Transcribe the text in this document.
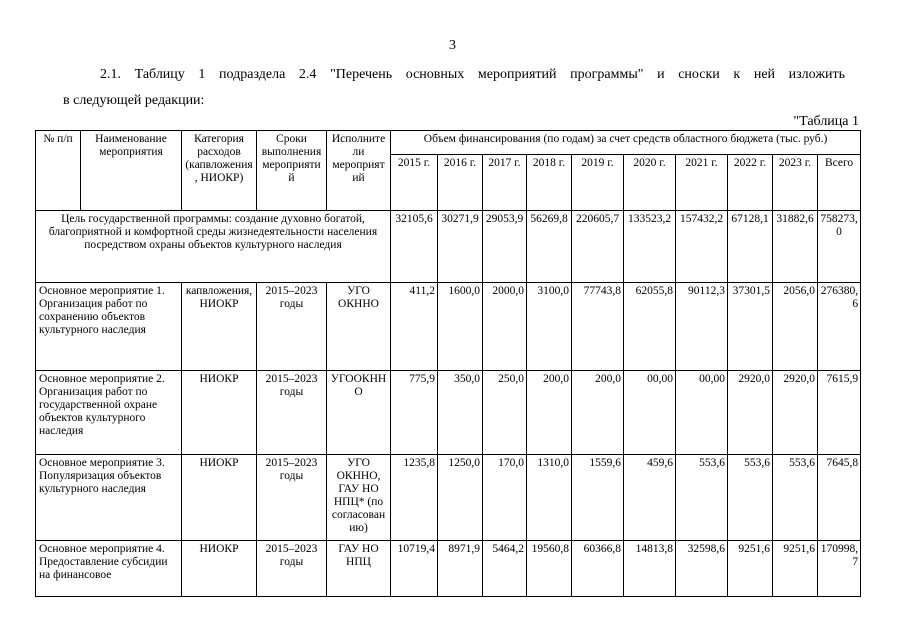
3
2.1. Таблицу 1 подраздела 2.4 "Перечень основных мероприятий программы" и сноски к ней изложить
в следующей редакции:
"Таблица 1
№ п/п	Наименование мероприятия	Категория расходов (капвложения, НИОКР)	Сроки выполнения мероприятий	Исполнители мероприятий	Объем финансирования (по годам) за счет средств областного бюджета (тыс. руб.)									
					2015 г.	2016 г.	2017 г.	2018 г.	2019 г.	2020 г.	2021 г.	2022 г.	2023 г.	Всего
Цель государственной программы: создание духовно богатой, благоприятной и комфортной среды жизнедеятельности населения посредством охраны объектов культурного наследия					32105,6	30271,9	29053,9	56269,8	220605,7	133523,2	157432,2	67128,1	31882,6	758273,0
Основное мероприятие 1. Организация работ по сохранению объектов культурного наследия		капвложения, НИОКР	2015–2023 годы	УГО ОКННО	411,2	1600,0	2000,0	3100,0	77743,8	62055,8	90112,3	37301,5	2056,0	276380,6
Основное мероприятие 2. Организация работ по государственной охране объектов культурного наследия		НИОКР	2015–2023 годы	УГООКННО	775,9	350,0	250,0	200,0	200,0	00,00	00,00	2920,0	2920,0	7615,9
Основное мероприятие 3. Популяризация объектов культурного наследия		НИОКР	2015–2023 годы	УГО ОКННО, ГАУ НО НПЦ* (по согласованию)	1235,8	1250,0	170,0	1310,0	1559,6	459,6	553,6	553,6	553,6	7645,8
Основное мероприятие 4. Предоставление субсидии на финансовое		НИОКР	2015–2023 годы	ГАУ НО НПЦ	10719,4	8971,9	5464,2	19560,8	60366,8	14813,8	32598,6	9251,6	9251,6	170998,7
